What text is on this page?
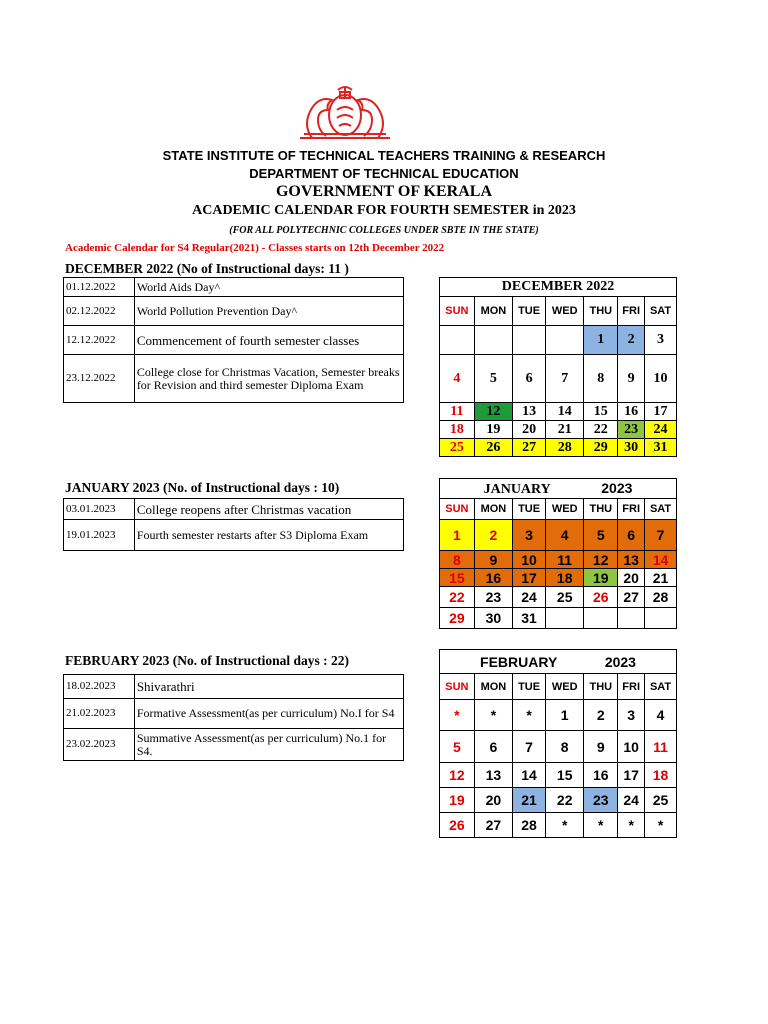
STATE INSTITUTE OF TECHNICAL TEACHERS TRAINING & RESEARCH
DEPARTMENT OF TECHNICAL EDUCATION
GOVERNMENT OF KERALA
ACADEMIC CALENDAR FOR FOURTH SEMESTER in 2023
(FOR ALL POLYTECHNIC COLLEGES UNDER SBTE IN THE STATE)
Academic Calendar for S4 Regular(2021) - Classes starts on 12th December 2022
DECEMBER 2022 (No of Instructional days: 11 )
01.12.2022	World Aids Day^
02.12.2022	World Pollution Prevention Day^
12.12.2022	Commencement of fourth semester classes
23.12.2022	College close for Christmas Vacation, Semester breaks for Revision and third semester Diploma Exam
DECEMBER 2022						
SUN	MON	TUE	WED	THU	FRI	SAT
				1	2	3
4	5	6	7	8	9	10
11	12	13	14	15	16	17
18	19	20	21	22	23	24
25	26	27	28	29	30	31
JANUARY 2023 (No. of Instructional days : 10)
03.01.2023	College reopens after Christmas vacation
19.01.2023	Fourth semester restarts after S3 Diploma Exam
JANUARY 2023						
SUN	MON	TUE	WED	THU	FRI	SAT
1	2	3	4	5	6	7
8	9	10	11	12	13	14
15	16	17	18	19	20	21
22	23	24	25	26	27	28
29	30	31				
FEBRUARY 2023 (No. of Instructional days : 22)
18.02.2023	Shivarathri
21.02.2023	Formative Assessment(as per curriculum) No.I for S4
23.02.2023	Summative Assessment(as per curriculum) No.1 for S4.
FEBRUARY 2023						
SUN	MON	TUE	WED	THU	FRI	SAT
*	*	*	1	2	3	4
5	6	7	8	9	10	11
12	13	14	15	16	17	18
19	20	21	22	23	24	25
26	27	28	*	*	*	*
